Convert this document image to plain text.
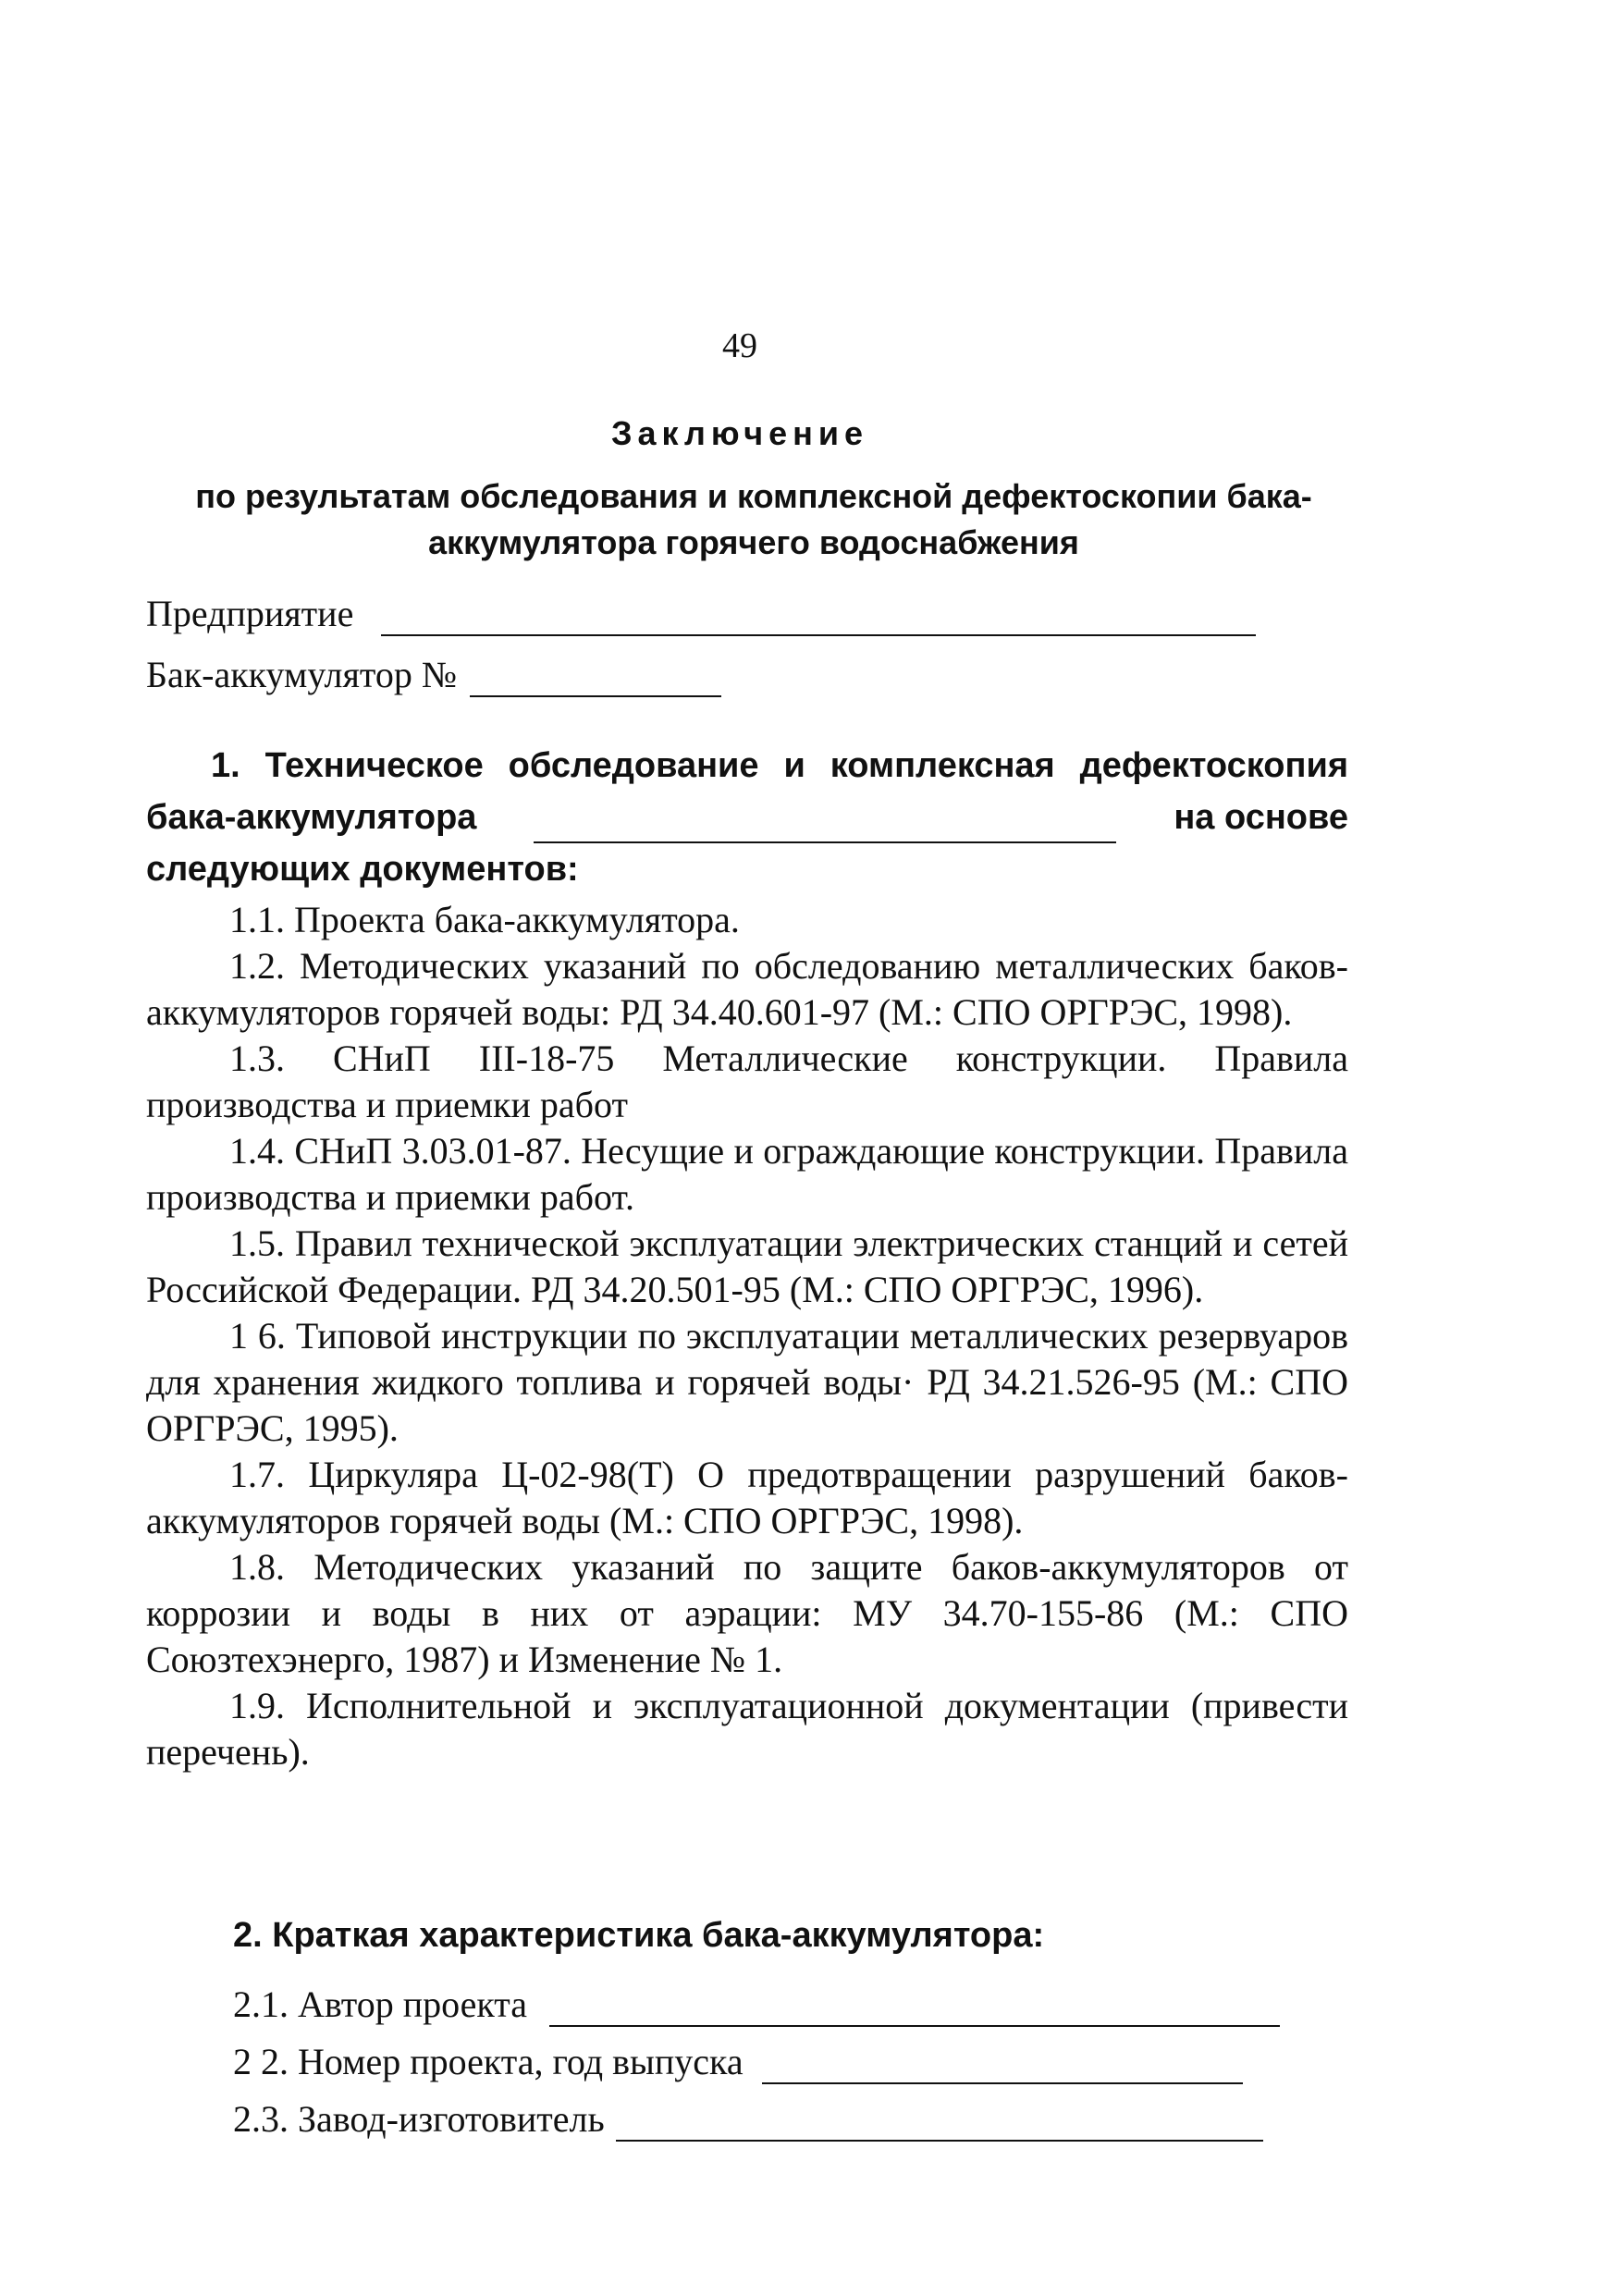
49
Заключение
по результатам обследования и комплексной дефектоскопии бака-аккумулятора горячего водоснабжения
Предприятие
Бак-аккумулятор №
1. Техническое обследование и комплексная дефектоскопия
бака-аккумулятора	на основе
следующих документов:

1.1. Проекта бака-аккумулятора.

1.2. Методических указаний по обследованию металлических баков-аккумуляторов горячей воды: РД 34.40.601-97 (М.: СПО ОРГРЭС, 1998).

1.3. СНиП III-18-75 Металлические конструкции. Правила производства и приемки работ

1.4. СНиП 3.03.01-87. Несущие и ограждающие конструкции. Правила производства и приемки работ.

1.5. Правил технической эксплуатации электрических станций и сетей Российской Федерации. РД 34.20.501-95 (М.: СПО ОРГРЭС, 1996).

1 6. Типовой инструкции по эксплуатации металлических резервуаров для хранения жидкого топлива и горячей воды· РД 34.21.526-95 (М.: СПО ОРГРЭС, 1995).

1.7. Циркуляра Ц-02-98(Т) О предотвращении разрушений баков-аккумуляторов горячей воды (М.: СПО ОРГРЭС, 1998).

1.8. Методических указаний по защите баков-аккумуляторов от коррозии и воды в них от аэрации: МУ 34.70-155-86 (М.: СПО Союзтехэнерго, 1987) и Изменение № 1.

1.9. Исполнительной и эксплуатационной документации (привести перечень).

2. Краткая характеристика бака-аккумулятора:
2.1. Автор проекта
2 2. Номер проекта, год выпуска
2.3. Завод-изготовитель
